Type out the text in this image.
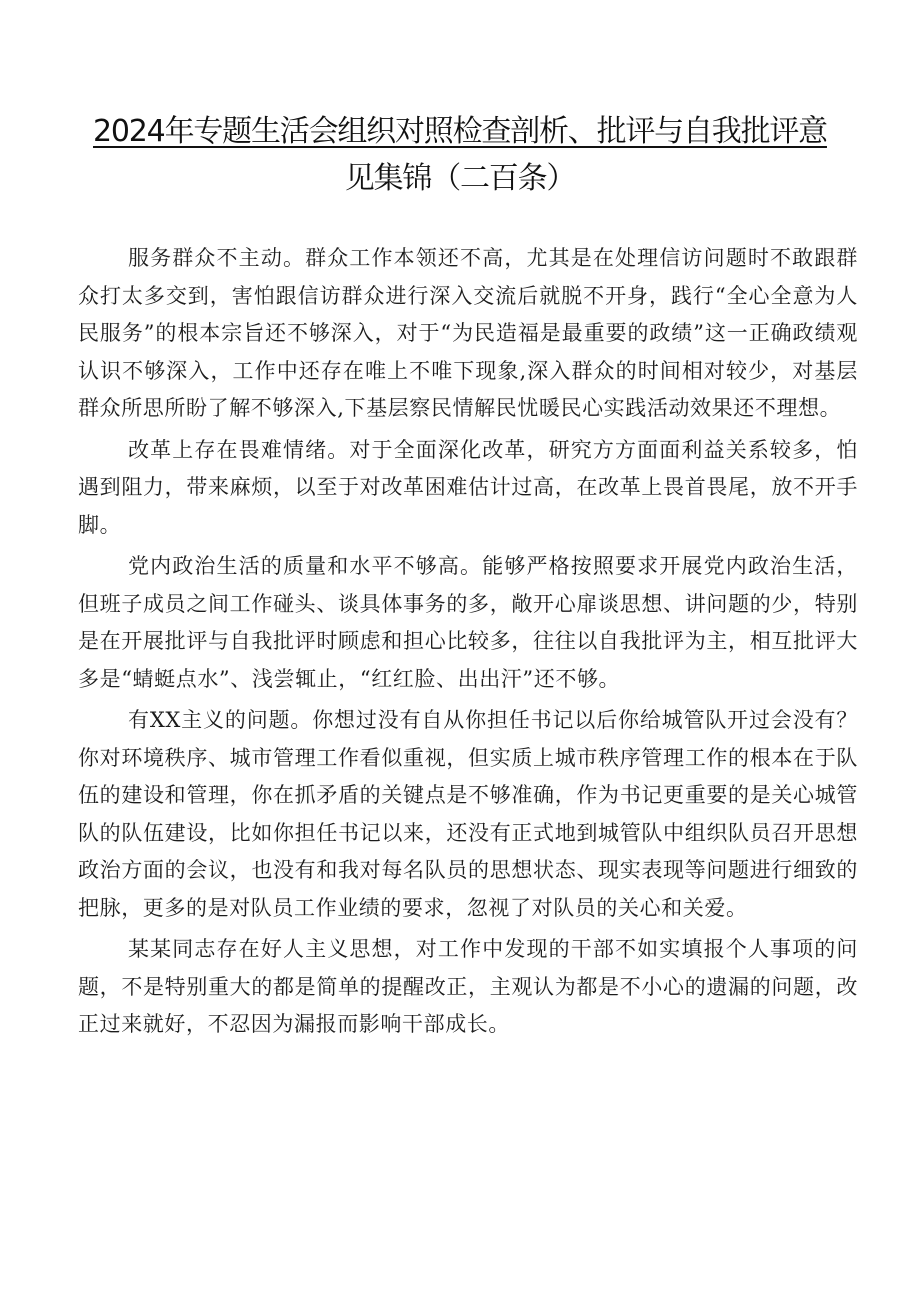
2024年专题生活会组织对照检查剖析、批评与自我批评意
见集锦（二百条）

服务群众不主动。群众工作本领还不高，尤其是在处理信访问题时不敢跟群众打太多交到，害怕跟信访群众进行深入交流后就脱不开身，践行“全心全意为人民服务”的根本宗旨还不够深入，对于“为民造福是最重要的政绩”这一正确政绩观认识不够深入，工作中还存在唯上不唯下现象,深入群众的时间相对较少，对基层群众所思所盼了解不够深入,下基层察民情解民忧暖民心实践活动效果还不理想。

改革上存在畏难情绪。对于全面深化改革，研究方方面面利益关系较多，怕遇到阻力，带来麻烦，以至于对改革困难估计过高，在改革上畏首畏尾，放不开手脚。

党内政治生活的质量和水平不够高。能够严格按照要求开展党内政治生活，但班子成员之间工作碰头、谈具体事务的多，敞开心扉谈思想、讲问题的少，特别是在开展批评与自我批评时顾虑和担心比较多，往往以自我批评为主，相互批评大多是“蜻蜓点水”、浅尝辄止，“红红脸、出出汗”还不够。

有XX主义的问题。你想过没有自从你担任书记以后你给城管队开过会没有？你对环境秩序、城市管理工作看似重视，但实质上城市秩序管理工作的根本在于队伍的建设和管理，你在抓矛盾的关键点是不够准确，作为书记更重要的是关心城管队的队伍建设，比如你担任书记以来，还没有正式地到城管队中组织队员召开思想政治方面的会议，也没有和我对每名队员的思想状态、现实表现等问题进行细致的把脉，更多的是对队员工作业绩的要求，忽视了对队员的关心和关爱。

某某同志存在好人主义思想，对工作中发现的干部不如实填报个人事项的问题，不是特别重大的都是简单的提醒改正，主观认为都是不小心的遗漏的问题，改正过来就好，不忍因为漏报而影响干部成长。
